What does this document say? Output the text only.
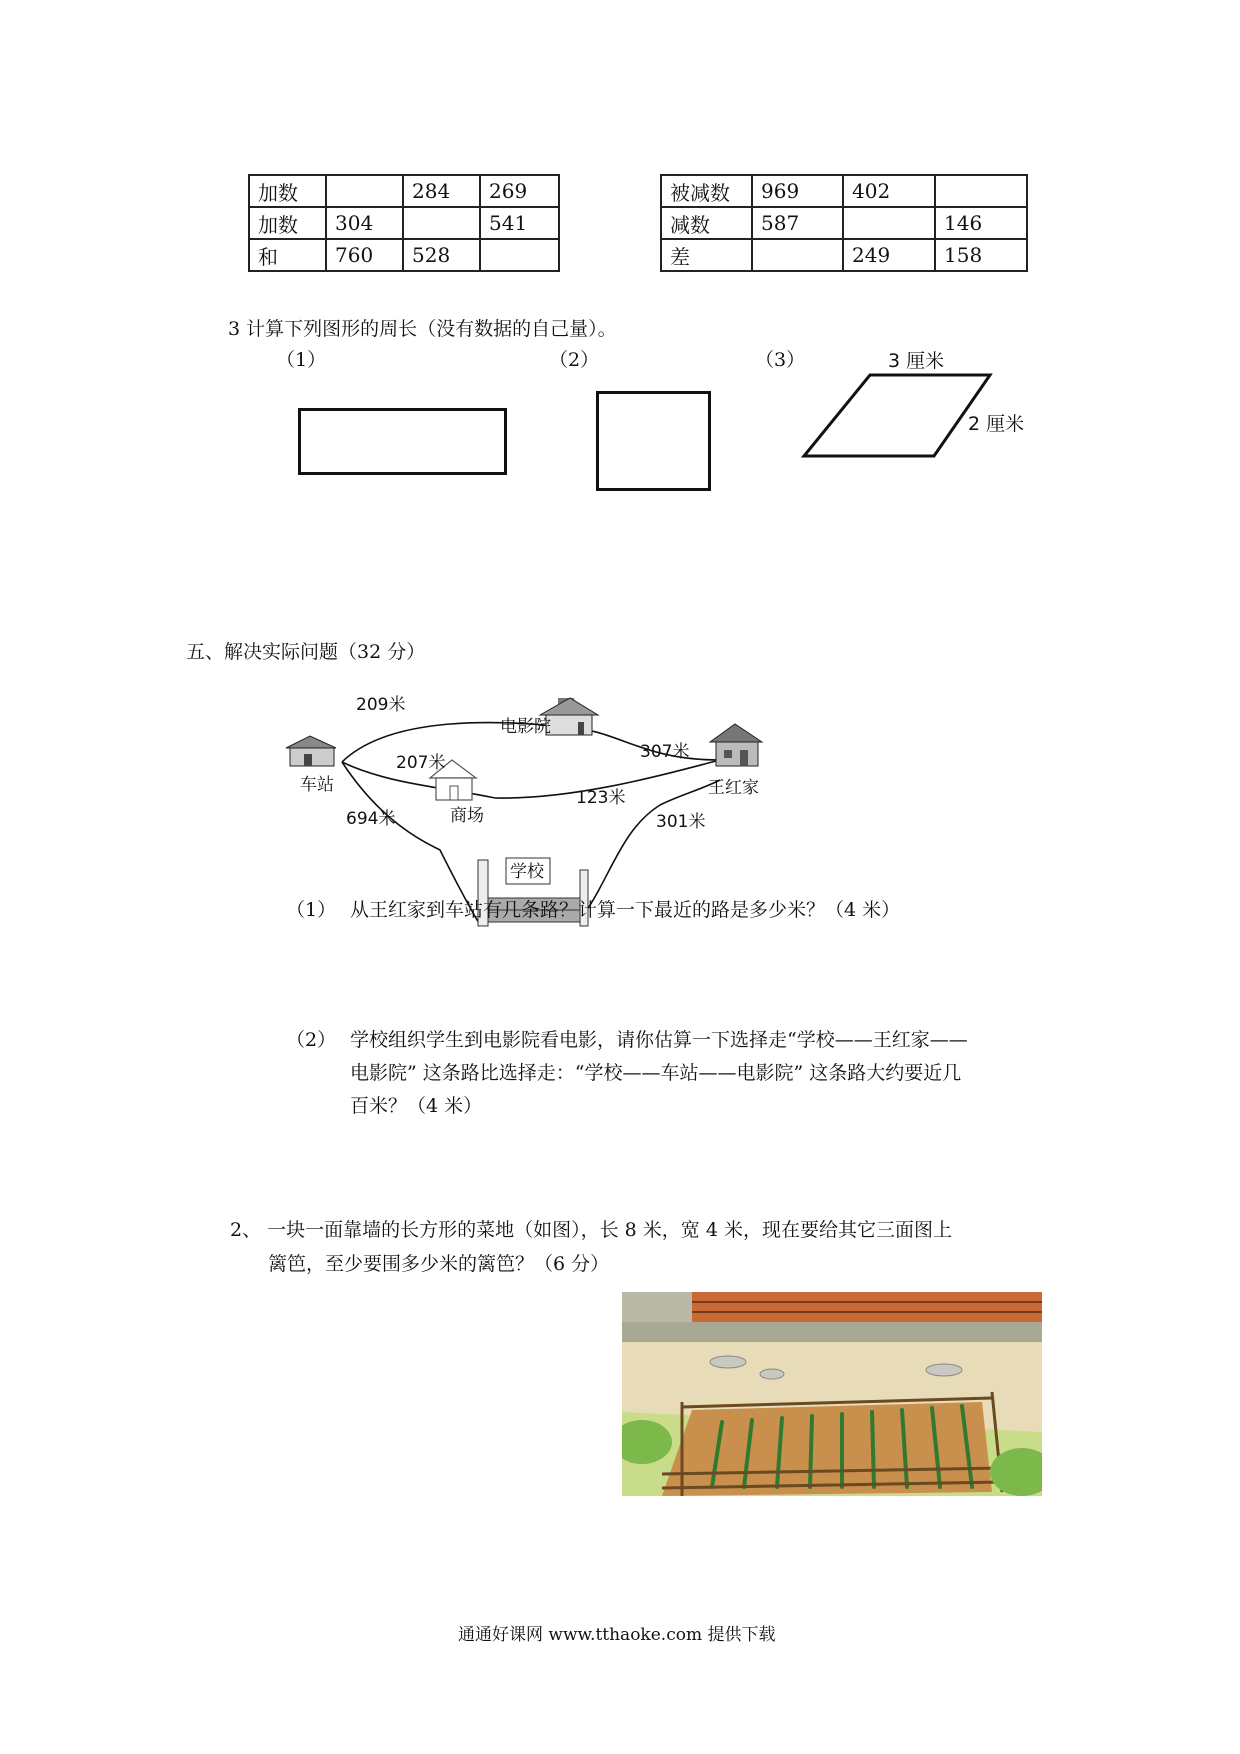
加数		284	269
加数	304		541
和	760	528	
被减数	969	402	
减数	587		146
差		249	158
3 计算下列图形的周长（没有数据的自己量）。
（1）	（2）	（3）	3 厘米
2 厘米
五、解决实际问题（32 分）
车站
电影院
商场
学校
王红家
209米
307米
207米
123米
694米	301米
（1） 从王红家到车站有几条路？计算一下最近的路是多少米？（4 米）
（2） 学校组织学生到电影院看电影，请你估算一下选择走“学校——王红家——
电影院” 这条路比选择走：“学校——车站——电影院” 这条路大约要近几
百米？（4 米）
2、 一块一面靠墙的长方形的菜地（如图），长 8 米，宽 4 米，现在要给其它三面图上
篱笆，至少要围多少米的篱笆？（6 分）
通通好课网 www.tthaoke.com 提供下载
